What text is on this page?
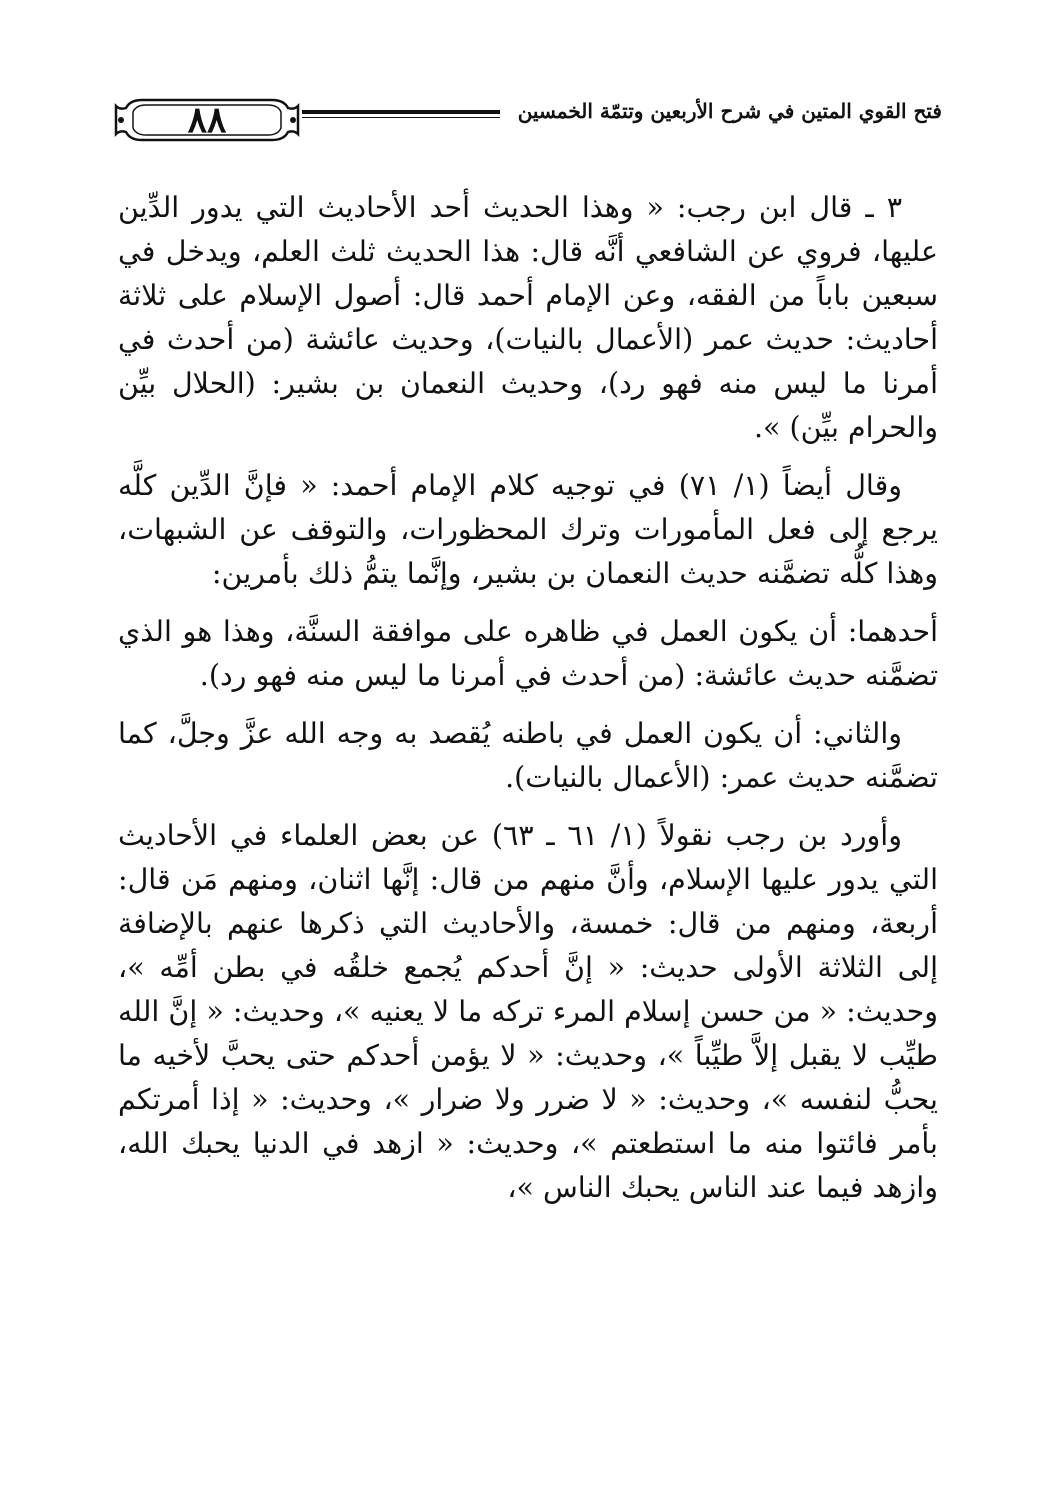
٨٨	فتح القوي المتين في شرح الأربعين وتتمّة الخمسين

٣ ـ قال ابن رجب: « وهذا الحديث أحد الأحاديث التي يدور الدِّين عليها، فروي عن الشافعي أنَّه قال: هذا الحديث ثلث العلم، ويدخل في سبعين باباً من الفقه، وعن الإمام أحمد قال: أصول الإسلام على ثلاثة أحاديث: حديث عمر (الأعمال بالنيات)، وحديث عائشة (من أحدث في أمرنا ما ليس منه فهو رد)، وحديث النعمان بن بشير: (الحلال بيِّن والحرام بيِّن) ».

وقال أيضاً (١/ ٧١) في توجيه كلام الإمام أحمد: « فإنَّ الدِّين كلَّه يرجع إلى فعل المأمورات وترك المحظورات، والتوقف عن الشبهات، وهذا كلُّه تضمَّنه حديث النعمان بن بشير، وإنَّما يتمُّ ذلك بأمرين:

أحدهما: أن يكون العمل في ظاهره على موافقة السنَّة، وهذا هو الذي تضمَّنه حديث عائشة: (من أحدث في أمرنا ما ليس منه فهو رد).

والثاني: أن يكون العمل في باطنه يُقصد به وجه الله عزَّ وجلَّ، كما تضمَّنه حديث عمر: (الأعمال بالنيات).

وأورد بن رجب نقولاً (١/ ٦١ ـ ٦٣) عن بعض العلماء في الأحاديث التي يدور عليها الإسلام، وأنَّ منهم من قال: إنَّها اثنان، ومنهم مَن قال: أربعة، ومنهم من قال: خمسة، والأحاديث التي ذكرها عنهم بالإضافة إلى الثلاثة الأولى حديث: « إنَّ أحدكم يُجمع خلقُه في بطن أمِّه »، وحديث: « من حسن إسلام المرء تركه ما لا يعنيه »، وحديث: « إنَّ الله طيِّب لا يقبل إلاَّ طيِّباً »، وحديث: « لا يؤمن أحدكم حتى يحبَّ لأخيه ما يحبُّ لنفسه »، وحديث: « لا ضرر ولا ضرار »، وحديث: « إذا أمرتكم بأمر فائتوا منه ما استطعتم »، وحديث: « ازهد في الدنيا يحبك الله، وازهد فيما عند الناس يحبك الناس »،
